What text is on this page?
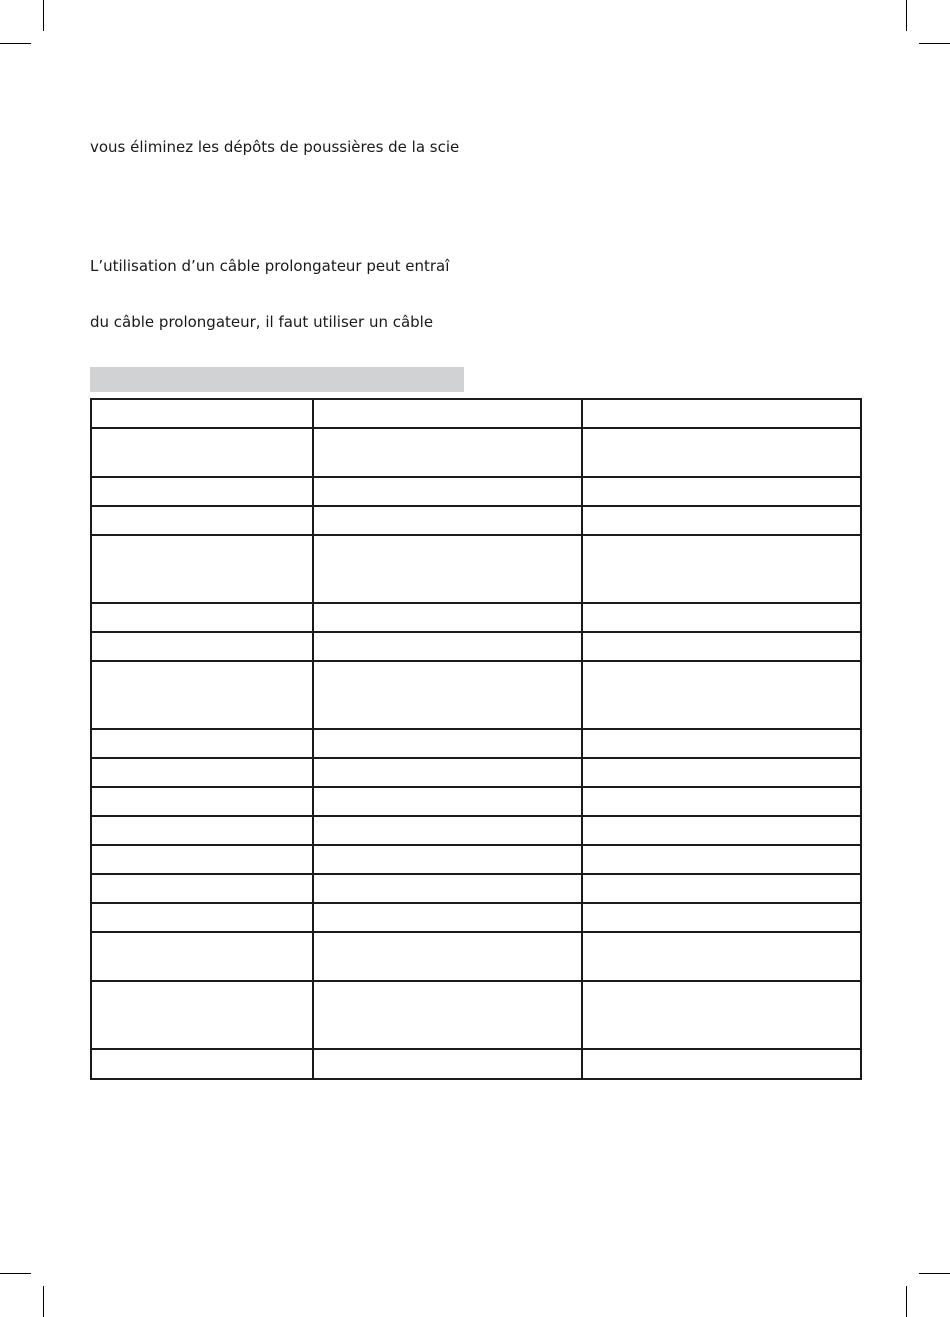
vous éliminez les dépôts de poussières de la scie
L’utilisation d’un câble prolongateur peut entraî
du câble prolongateur, il faut utiliser un câble
